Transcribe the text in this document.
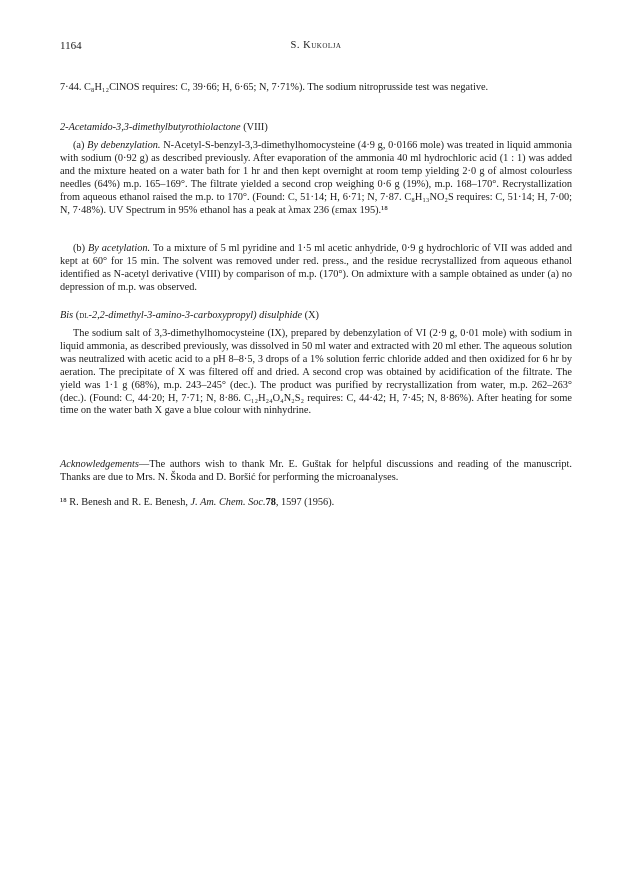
1164	S. Kukolja

7·44. C₈H₁₂ClNOS requires: C, 39·66; H, 6·65; N, 7·71%). The sodium nitroprusside test was negative.

2-Acetamido-3,3-dimethylbutyrothiolactone (VIII)

(a) By debenzylation. N-Acetyl-S-benzyl-3,3-dimethylhomocysteine (4·9 g, 0·0166 mole) was treated in liquid ammonia with sodium (0·92 g) as described previously. After evaporation of the ammonia 40 ml hydrochloric acid (1 : 1) was added and the mixture heated on a water bath for 1 hr and then kept overnight at room temp yielding 2·0 g of almost colourless needles (64%) m.p. 165–169°. The filtrate yielded a second crop weighing 0·6 g (19%), m.p. 168–170°. Recrystallization from aqueous ethanol raised the m.p. to 170°. (Found: C, 51·14; H, 6·71; N, 7·87. C₈H₁₃NO₂S requires: C, 51·14; H, 7·00; N, 7·48%). UV Spectrum in 95% ethanol has a peak at λmax 236 (εmax 195).¹⁸

(b) By acetylation. To a mixture of 5 ml pyridine and 1·5 ml acetic anhydride, 0·9 g hydrochloric of VII was added and kept at 60° for 15 min. The solvent was removed under red. press., and the residue recrystallized from aqueous ethanol identified as N-acetyl derivative (VIII) by comparison of m.p. (170°). On admixture with a sample obtained as under (a) no depression of m.p. was observed.

Bis (dl-2,2-dimethyl-3-amino-3-carboxypropyl) disulphide (X)

The sodium salt of 3,3-dimethylhomocysteine (IX), prepared by debenzylation of VI (2·9 g, 0·01 mole) with sodium in liquid ammonia, as described previously, was dissolved in 50 ml water and extracted with 20 ml ether. The aqueous solution was neutralized with acetic acid to a pH 8–8·5, 3 drops of a 1% solution ferric chloride added and then oxidized for 6 hr by aeration. The precipitate of X was filtered off and dried. A second crop was obtained by acidification of the filtrate. The yield was 1·1 g (68%), m.p. 243–245° (dec.). The product was purified by recrystallization from water, m.p. 262–263° (dec.). (Found: C, 44·20; H, 7·71; N, 8·86. C₁₂H₂₄O₄N₂S₂ requires: C, 44·42; H, 7·45; N, 8·86%). After heating for some time on the water bath X gave a blue colour with ninhydrine.

Acknowledgements—The authors wish to thank Mr. E. Guštak for helpful discussions and reading of the manuscript. Thanks are due to Mrs. N. Škoda and D. Boršić for performing the microanalyses.

¹⁸ R. Benesh and R. E. Benesh, J. Am. Chem. Soc.78, 1597 (1956).
